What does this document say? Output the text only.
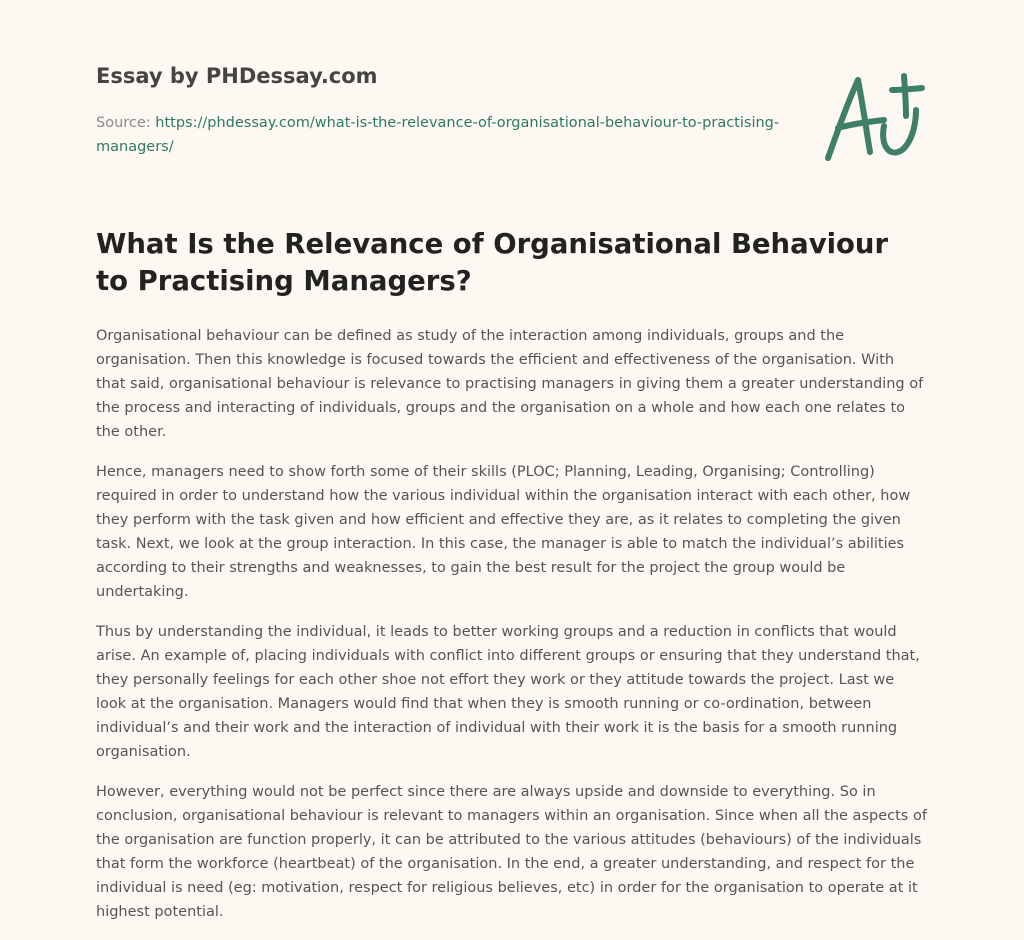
Essay by PHDessay.com

Source: https://phdessay.com/what-is-the-relevance-of-organisational-behaviour-to-practising-managers/

What Is the Relevance of Organisational Behaviour to Practising Managers?

Organisational behaviour can be defined as study of the interaction among individuals, groups and the organisation. Then this knowledge is focused towards the efficient and effectiveness of the organisation. With that said, organisational behaviour is relevance to practising managers in giving them a greater understanding of the process and interacting of individuals, groups and the organisation on a whole and how each one relates to the other.

Hence, managers need to show forth some of their skills (PLOC; Planning, Leading, Organising; Controlling) required in order to understand how the various individual within the organisation interact with each other, how they perform with the task given and how efficient and effective they are, as it relates to completing the given task. Next, we look at the group interaction. In this case, the manager is able to match the individual’s abilities according to their strengths and weaknesses, to gain the best result for the project the group would be undertaking.

Thus by understanding the individual, it leads to better working groups and a reduction in conflicts that would arise. An example of, placing individuals with conflict into different groups or ensuring that they understand that, they personally feelings for each other shoe not effort they work or they attitude towards the project. Last we look at the organisation. Managers would find that when they is smooth running or co-ordination, between individual’s and their work and the interaction of individual with their work it is the basis for a smooth running organisation.

However, everything would not be perfect since there are always upside and downside to everything. So in conclusion, organisational behaviour is relevant to managers within an organisation. Since when all the aspects of the organisation are function properly, it can be attributed to the various attitudes (behaviours) of the individuals that form the workforce (heartbeat) of the organisation. In the end, a greater understanding, and respect for the individual is need (eg: motivation, respect for religious believes, etc) in order for the organisation to operate at it highest potential.
